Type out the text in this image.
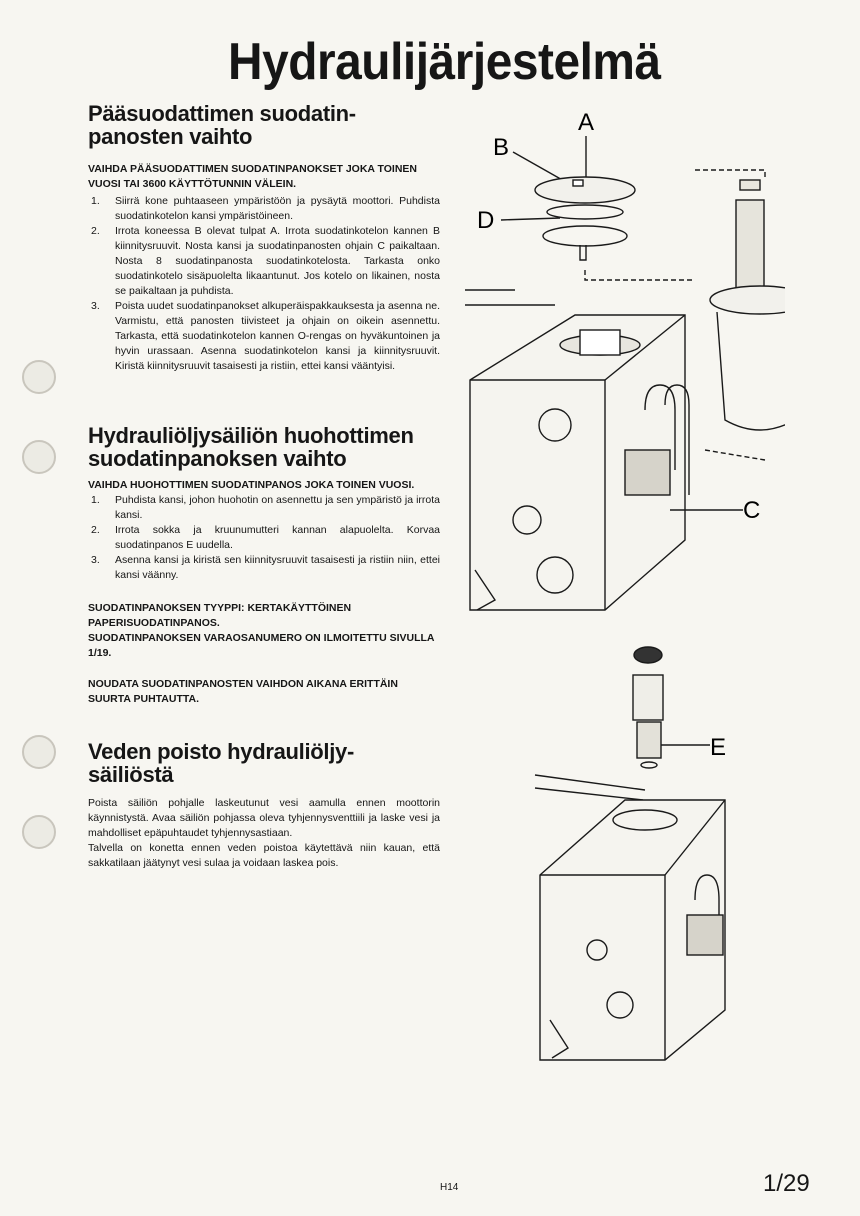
Hydraulijärjestelmä
Pääsuodattimen suodatin-
panosten vaihto

VAIHDA PÄÄSUODATTIMEN SUODATINPANOKSET JOKA TOINEN VUOSI TAI 3600 KÄYTTÖTUNNIN VÄLEIN.

1. Siirrä kone puhtaaseen ympäristöön ja pysäytä moottori. Puhdista suodatinkotelon kansi ympäristöineen.
2. Irrota koneessa B olevat tulpat A. Irrota suodatinkotelon kannen B kiinnitysruuvit. Nosta kansi ja suodatinpanosten ohjain C paikaltaan. Nosta 8 suodatinpanosta suodatinkotelosta. Tarkasta onko suodatinkotelo sisäpuolelta likaantunut. Jos kotelo on likainen, nosta se paikaltaan ja puhdista.
3. Poista uudet suodatinpanokset alkuperäispakkauksesta ja asenna ne. Varmistu, että panosten tiivisteet ja ohjain on oikein asennettu. Tarkasta, että suodatinkotelon kannen O-rengas on hyväkuntoinen ja hyvin urassaan. Asenna suodatinkotelon kansi ja kiinnitysruuvit. Kiristä kiinnitysruuvit tasaisesti ja ristiin, ettei kansi vääntyisi.
Hydrauliöljysäiliön huohottimen
suodatinpanoksen vaihto

VAIHDA HUOHOTTIMEN SUODATINPANOS JOKA TOINEN VUOSI.

1. Puhdista kansi, johon huohotin on asennettu ja sen ympäristö ja irrota kansi.
2. Irrota sokka ja kruunumutteri kannan alapuolelta. Korvaa suodatinpanos E uudella.
3. Asenna kansi ja kiristä sen kiinnitysruuvit tasaisesti ja ristiin niin, ettei kansi väänny.

SUODATINPANOKSEN TYYPPI: KERTAKÄYTTÖINEN PAPERISUODATINPANOS.

SUODATINPANOKSEN VARAOSANUMERO ON ILMOITETTU SIVULLA 1/19.

NOUDATA SUODATINPANOSTEN VAIHDON AIKANA ERITTÄIN SUURTA PUHTAUTTA.

Veden poisto hydrauliöljy-
säiliöstä

Poista säiliön pohjalle laskeutunut vesi aamulla ennen moottorin käynnistystä. Avaa säiliön pohjassa oleva tyhjennysventtiili ja laske vesi ja mahdolliset epäpuhtaudet tyhjennysastiaan.

Talvella on konetta ennen veden poistoa käytettävä niin kauan, että sakkatilaan jäätynyt vesi sulaa ja voidaan laskea pois.

A
B
D
C
E
H14	1/29
